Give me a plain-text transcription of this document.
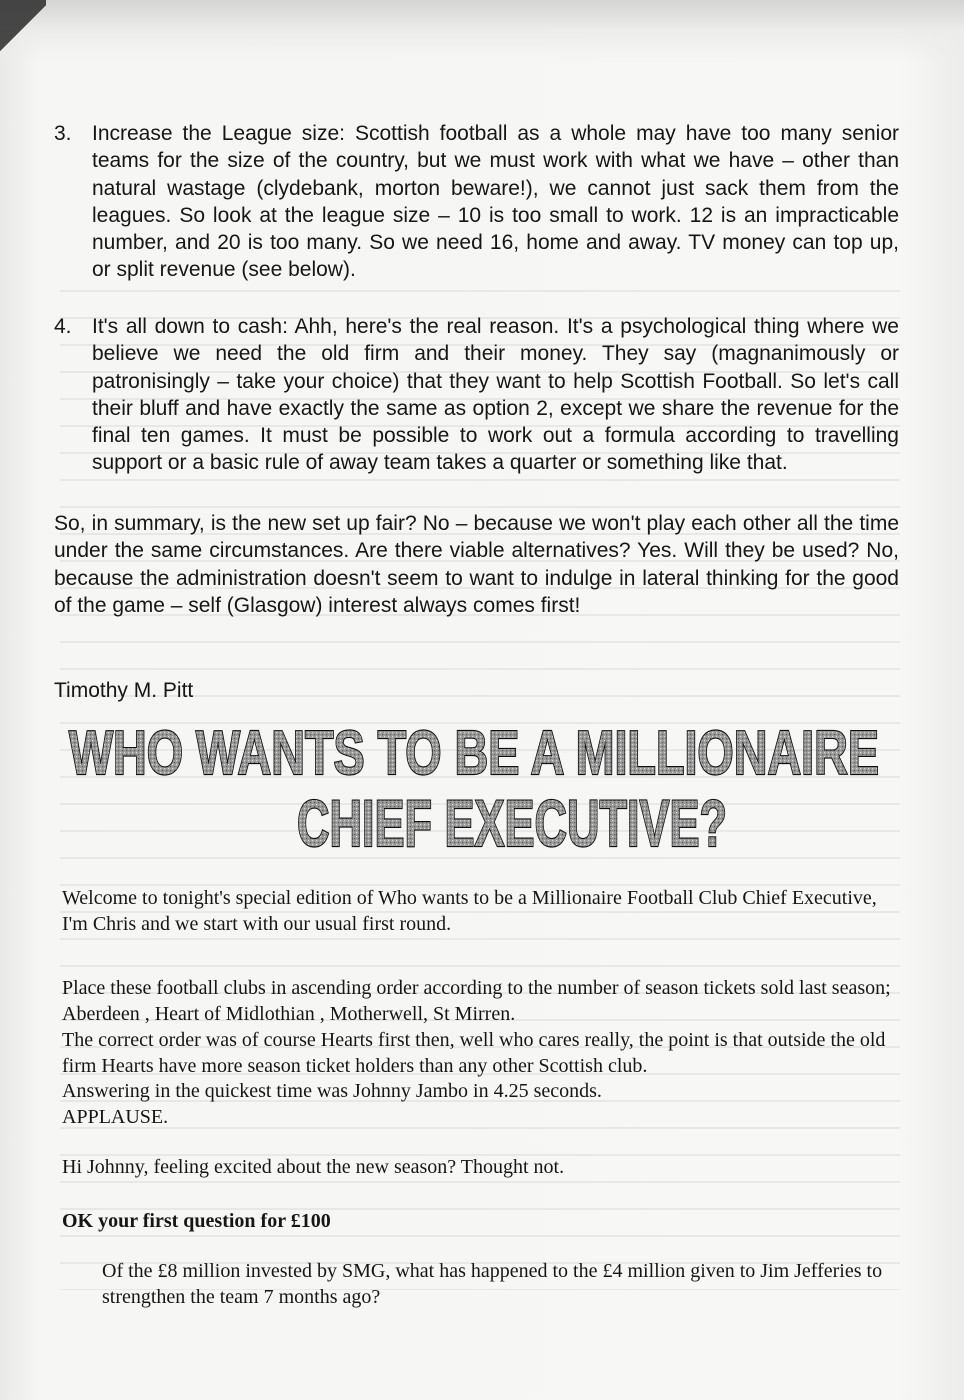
3. Increase the League size: Scottish football as a whole may have too many senior teams for the size of the country, but we must work with what we have – other than natural wastage (clydebank, morton beware!), we cannot just sack them from the leagues. So look at the league size – 10 is too small to work. 12 is an impracticable number, and 20 is too many. So we need 16, home and away. TV money can top up, or split revenue (see below).
4. It's all down to cash: Ahh, here's the real reason. It's a psychological thing where we believe we need the old firm and their money. They say (magnanimously or patronisingly – take your choice) that they want to help Scottish Football. So let's call their bluff and have exactly the same as option 2, except we share the revenue for the final ten games. It must be possible to work out a formula according to travelling support or a basic rule of away team takes a quarter or something like that.

So, in summary, is the new set up fair? No – because we won't play each other all the time under the same circumstances. Are there viable alternatives? Yes. Will they be used? No, because the administration doesn't seem to want to indulge in lateral thinking for the good of the game – self (Glasgow) interest always comes first!

Timothy M. Pitt
WHO WANTS TO BE A MILLIONAIRE
CHIEF EXECUTIVE?

Welcome to tonight's special edition of Who wants to be a Millionaire Football Club Chief Executive, I'm Chris and we start with our usual first round.

Place these football clubs in ascending order according to the number of season tickets sold last season; Aberdeen , Heart of Midlothian , Motherwell, St Mirren.

The correct order was of course Hearts first then, well who cares really, the point is that outside the old firm Hearts have more season ticket holders than any other Scottish club.

Answering in the quickest time was Johnny Jambo in 4.25 seconds.

APPLAUSE.

Hi Johnny, feeling excited about the new season? Thought not.

OK your first question for £100

Of the £8 million invested by SMG, what has happened to the £4 million given to Jim Jefferies to strengthen the team 7 months ago?
